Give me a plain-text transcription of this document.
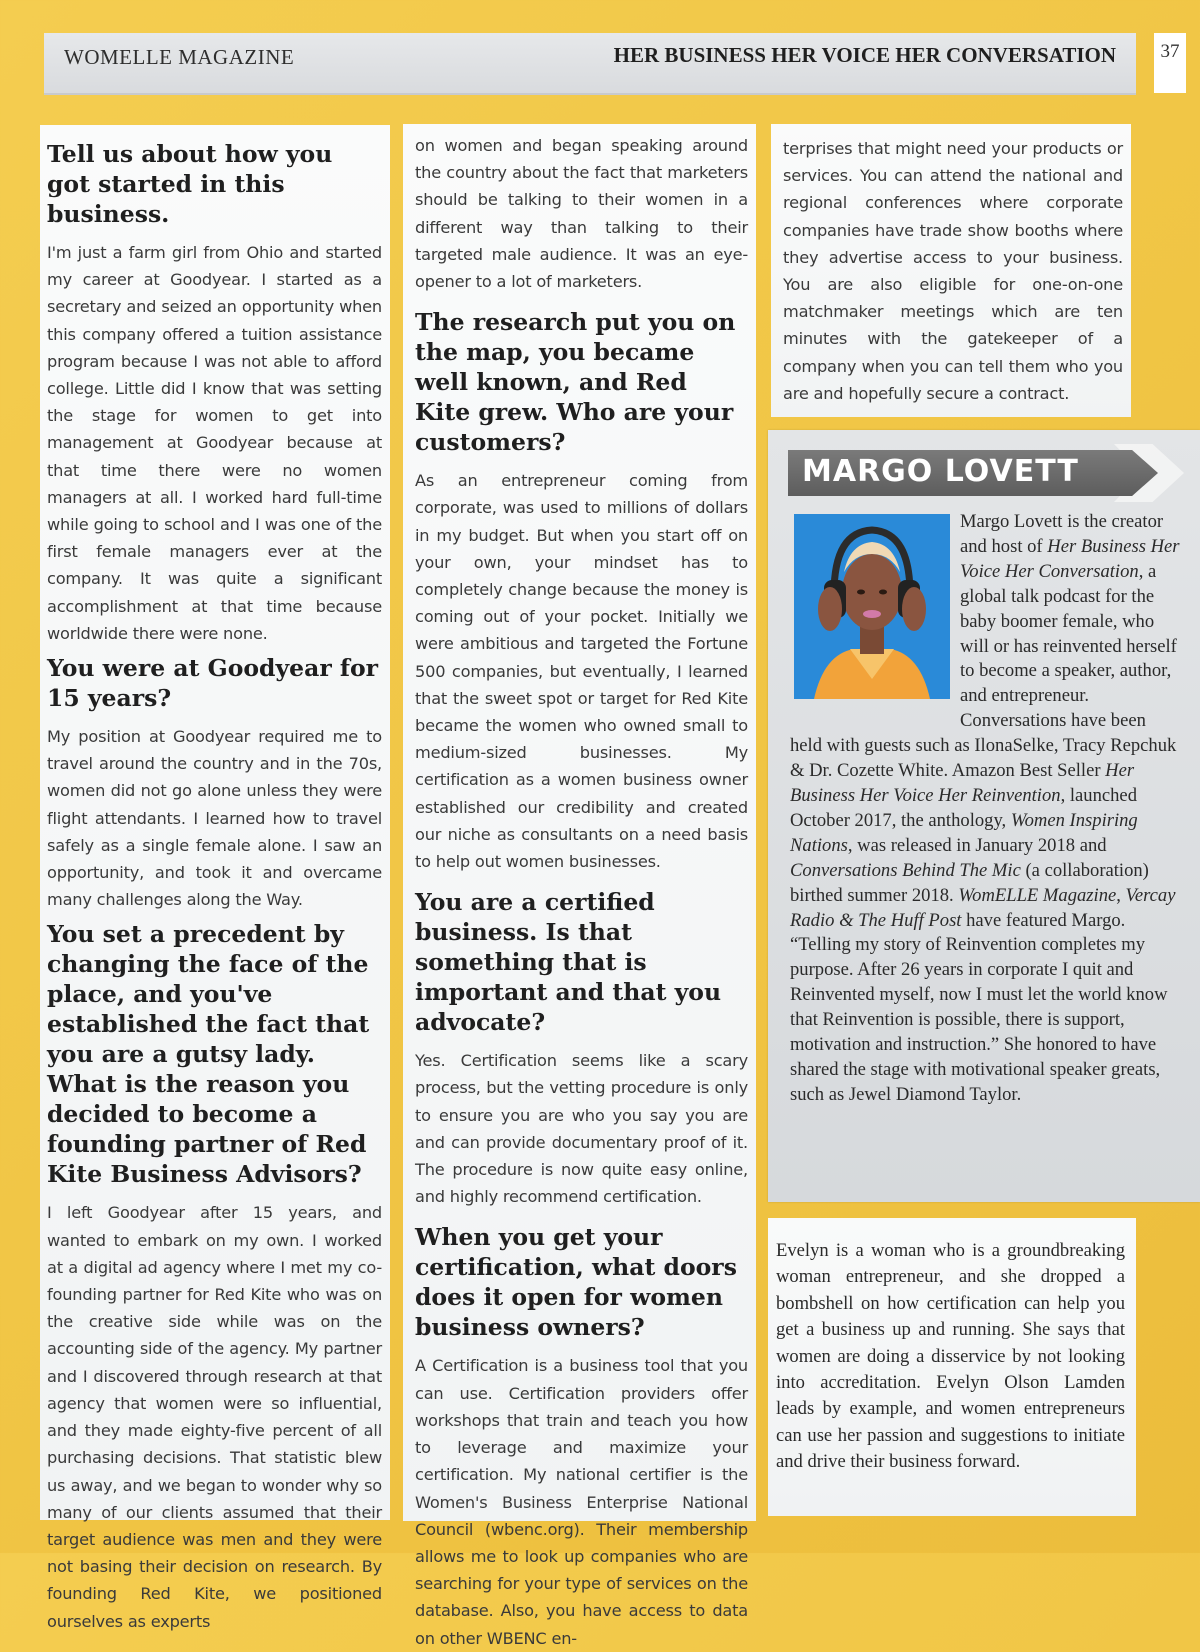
WOMELLE MAGAZINE	HER BUSINESS HER VOICE HER CONVERSATION	37
Tell us about how you got started in this business.

I'm just a farm girl from Ohio and started my career at Goodyear. I started as a secretary and seized an opportunity when this company offered a tuition assistance program because I was not able to afford college. Little did I know that was setting the stage for women to get into management at Goodyear because at that time there were no women managers at all. I worked hard full-time while going to school and I was one of the first female managers ever at the company. It was quite a significant accomplishment at that time because worldwide there were none.

You were at Goodyear for 15 years?

My position at Goodyear required me to travel around the country and in the 70s, women did not go alone unless they were flight attendants. I learned how to travel safely as a single female alone. I saw an opportunity, and took it and overcame many challenges along the Way.

You set a precedent by changing the face of the place, and you've established the fact that you are a gutsy lady. What is the reason you decided to become a founding partner of Red Kite Business Advisors?

I left Goodyear after 15 years, and wanted to embark on my own. I worked at a digital ad agency where I met my co-founding partner for Red Kite who was on the creative side while was on the accounting side of the agency. My partner and I discovered through research at that agency that women were so influential, and they made eighty-five percent of all purchasing decisions. That statistic blew us away, and we began to wonder why so many of our clients assumed that their target audience was men and they were not basing their decision on research. By founding Red Kite, we positioned ourselves as experts

on women and began speaking around the country about the fact that marketers should be talking to their women in a different way than talking to their targeted male audience. It was an eye-opener to a lot of marketers.

The research put you on the map, you became well known, and Red Kite grew. Who are your customers?

As an entrepreneur coming from corporate, was used to millions of dollars in my budget. But when you start off on your own, your mindset has to completely change because the money is coming out of your pocket. Initially we were ambitious and targeted the Fortune 500 companies, but eventually, I learned that the sweet spot or target for Red Kite became the women who owned small to medium-sized businesses. My certification as a women business owner established our credibility and created our niche as consultants on a need basis to help out women businesses.

You are a certified business. Is that something that is important and that you advocate?

Yes. Certification seems like a scary process, but the vetting procedure is only to ensure you are who you say you are and can provide documentary proof of it. The procedure is now quite easy online, and highly recommend certification.

When you get your certification, what doors does it open for women business owners?

A Certification is a business tool that you can use. Certification providers offer workshops that train and teach you how to leverage and maximize your certification. My national certifier is the Women's Business Enterprise National Council (wbenc.org). Their membership allows me to look up companies who are searching for your type of services on the database. Also, you have access to data on other WBENC en-

terprises that might need your products or services. You can attend the national and regional conferences where corporate companies have trade show booths where they advertise access to your business. You are also eligible for one-on-one matchmaker meetings which are ten minutes with the gatekeeper of a company when you can tell them who you are and hopefully secure a contract.

MARGO LOVETT
Margo Lovett is the creator and host of Her Business Her Voice Her Conversation, a global talk podcast for the baby boomer female, who will or has reinvented herself to become a speaker, author, and entrepreneur. Conversations have been held with guests such as IlonaSelke, Tracy Repchuk & Dr. Cozette White. Amazon Best Seller Her Business Her Voice Her Reinvention, launched October 2017, the anthology, Women Inspiring Nations, was released in January 2018 and Conversations Behind The Mic (a collaboration) birthed summer 2018. WomELLE Magazine, Vercay Radio & The Huff Post have featured Margo. “Telling my story of Reinvention completes my purpose. After 26 years in corporate I quit and Reinvented myself, now I must let the world know that Reinvention is possible, there is support, motivation and instruction.” She honored to have shared the stage with motivational speaker greats, such as Jewel Diamond Taylor.

Evelyn is a woman who is a groundbreaking woman entrepreneur, and she dropped a bombshell on how certification can help you get a business up and running. She says that women are doing a disservice by not looking into accreditation. Evelyn Olson Lamden leads by example, and women entrepreneurs can use her passion and suggestions to initiate and drive their business forward.
